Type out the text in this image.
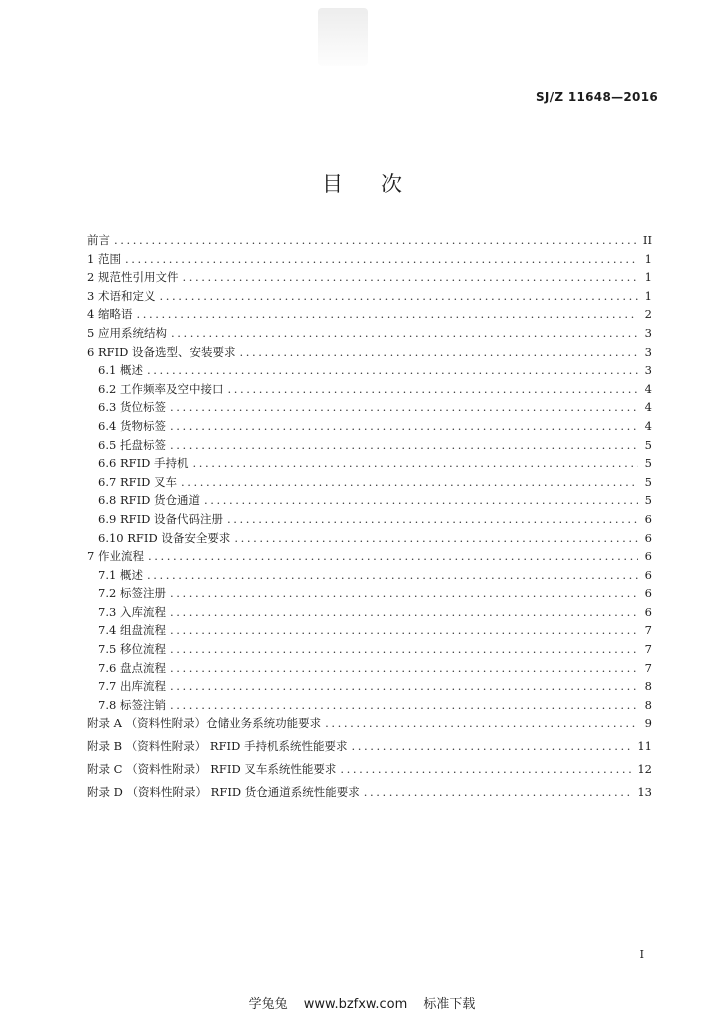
SJ/Z 11648—2016
目次
前言 .....	II
1 范围 .....	1
2 规范性引用文件 .....	1
3 术语和定义 .....	1
4 缩略语 .....	2
5 应用系统结构 .....	3
6 RFID 设备选型、安装要求 .....	3
6.1 概述 .....	3
6.2 工作频率及空中接口 .....	4
6.3 货位标签 .....	4
6.4 货物标签 .....	4
6.5 托盘标签 .....	5
6.6 RFID 手持机 .....	5
6.7 RFID 叉车 .....	5
6.8 RFID 货仓通道 .....	5
6.9 RFID 设备代码注册 .....	6
6.10 RFID 设备安全要求 .....	6
7 作业流程 .....	6
7.1 概述 .....	6
7.2 标签注册 .....	6
7.3 入库流程 .....	6
7.4 组盘流程 .....	7
7.5 移位流程 .....	7
7.6 盘点流程 .....	7
7.7 出库流程 .....	8
7.8 标签注销 .....	8
附录 A （资料性附录）仓储业务系统功能要求 .....	9
附录 B （资料性附录） RFID 手持机系统性能要求 .....	11
附录 C （资料性附录） RFID 叉车系统性能要求 .....	12
附录 D （资料性附录） RFID 货仓通道系统性能要求 .....	13
I
学兔兔 www.bzfxw.com 标准下载
